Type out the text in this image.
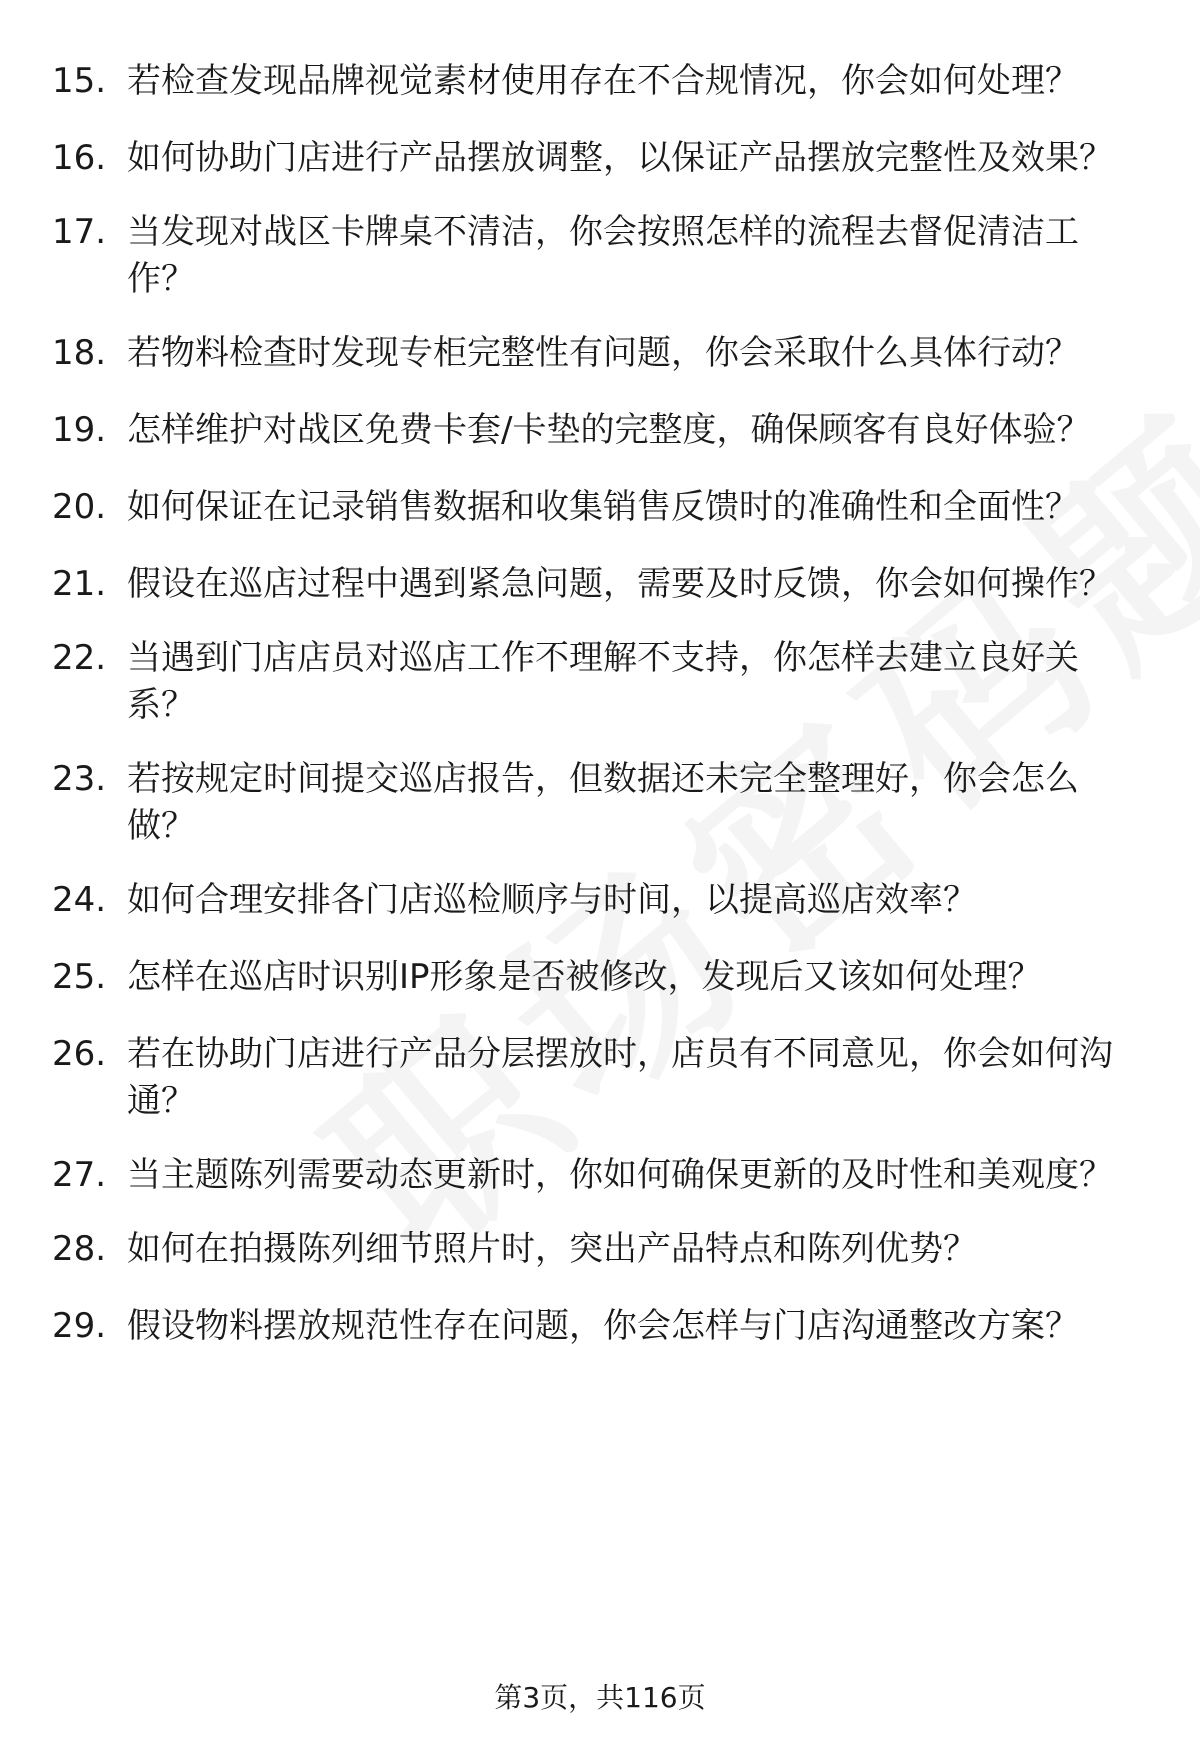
15. 若检查发现品牌视觉素材使用存在不合规情况，你会如何处理？
16. 如何协助门店进行产品摆放调整，以保证产品摆放完整性及效果？
17. 当发现对战区卡牌桌不清洁，你会按照怎样的流程去督促清洁工作？
18. 若物料检查时发现专柜完整性有问题，你会采取什么具体行动？
19. 怎样维护对战区免费卡套/卡垫的完整度，确保顾客有良好体验？
20. 如何保证在记录销售数据和收集销售反馈时的准确性和全面性？
21. 假设在巡店过程中遇到紧急问题，需要及时反馈，你会如何操作？
22. 当遇到门店店员对巡店工作不理解不支持，你怎样去建立良好关系？
23. 若按规定时间提交巡店报告，但数据还未完全整理好，你会怎么做？
24. 如何合理安排各门店巡检顺序与时间，以提高巡店效率？
25. 怎样在巡店时识别IP形象是否被修改，发现后又该如何处理？
26. 若在协助门店进行产品分层摆放时，店员有不同意见，你会如何沟通？
27. 当主题陈列需要动态更新时，你如何确保更新的及时性和美观度？
28. 如何在拍摄陈列细节照片时，突出产品特点和陈列优势？
29. 假设物料摆放规范性存在问题，你会怎样与门店沟通整改方案？
第3页，共116页
